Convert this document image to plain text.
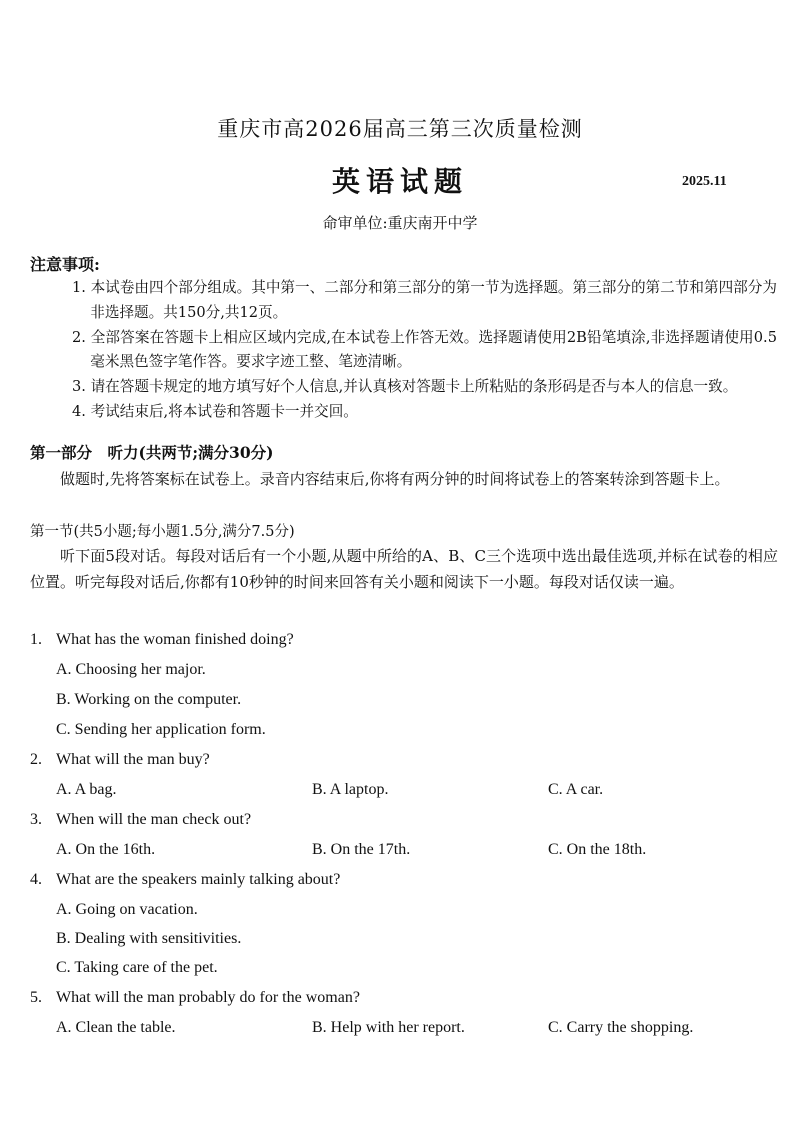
重庆市高2026届高三第三次质量检测
英语试题	2025.11
命审单位:重庆南开中学
注意事项:
1. 本试卷由四个部分组成。其中第一、二部分和第三部分的第一节为选择题。第三部分的第二节和第四部分为非选择题。共150分,共12页。
2. 全部答案在答题卡上相应区域内完成,在本试卷上作答无效。选择题请使用2B铅笔填涂,非选择题请使用0.5毫米黑色签字笔作答。要求字迹工整、笔迹清晰。
3. 请在答题卡规定的地方填写好个人信息,并认真核对答题卡上所粘贴的条形码是否与本人的信息一致。
4. 考试结束后,将本试卷和答题卡一并交回。
第一部分　听力(共两节;满分30分)

做题时,先将答案标在试卷上。录音内容结束后,你将有两分钟的时间将试卷上的答案转涂到答题卡上。

第一节(共5小题;每小题1.5分,满分7.5分)

听下面5段对话。每段对话后有一个小题,从题中所给的A、B、C三个选项中选出最佳选项,并标在试卷的相应位置。听完每段对话后,你都有10秒钟的时间来回答有关小题和阅读下一小题。每段对话仅读一遍。

1. What has the woman finished doing?
A. Choosing her major.
B. Working on the computer.
C. Sending her application form.
2. What will the man buy?
A. A bag.	B. A laptop.	C. A car.
3. When will the man check out?
A. On the 16th.	B. On the 17th.	C. On the 18th.
4. What are the speakers mainly talking about?
A. Going on vacation.
B. Dealing with sensitivities.
C. Taking care of the pet.
5. What will the man probably do for the woman?
A. Clean the table.	B. Help with her report.	C. Carry the shopping.
